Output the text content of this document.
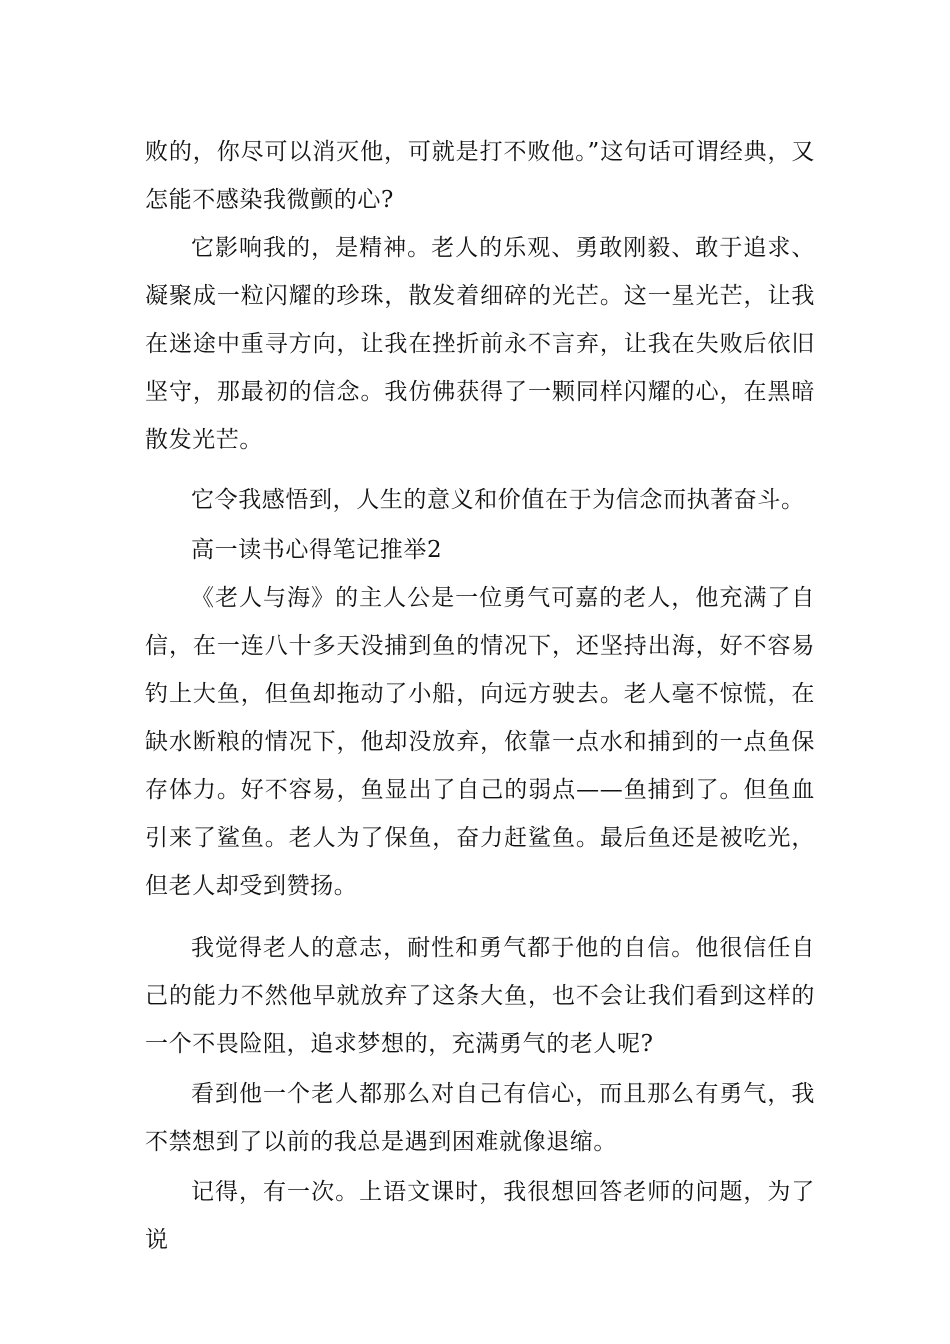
败的，你尽可以消灭他，可就是打不败他。”这句话可谓经典，又怎能不感染我微颤的心?

它影响我的，是精神。老人的乐观、勇敢刚毅、敢于追求、凝聚成一粒闪耀的珍珠，散发着细碎的光芒。这一星光芒，让我在迷途中重寻方向，让我在挫折前永不言弃，让我在失败后依旧坚守，那最初的信念。我仿佛获得了一颗同样闪耀的心，在黑暗散发光芒。

它令我感悟到，人生的意义和价值在于为信念而执著奋斗。

高一读书心得笔记推举2

《老人与海》的主人公是一位勇气可嘉的老人，他充满了自信，在一连八十多天没捕到鱼的情况下，还坚持出海，好不容易钓上大鱼，但鱼却拖动了小船，向远方驶去。老人毫不惊慌，在缺水断粮的情况下，他却没放弃，依靠一点水和捕到的一点鱼保存体力。好不容易，鱼显出了自己的弱点——鱼捕到了。但鱼血引来了鲨鱼。老人为了保鱼，奋力赶鲨鱼。最后鱼还是被吃光，但老人却受到赞扬。

我觉得老人的意志，耐性和勇气都于他的自信。他很信任自己的能力不然他早就放弃了这条大鱼，也不会让我们看到这样的一个不畏险阻，追求梦想的，充满勇气的老人呢?

看到他一个老人都那么对自己有信心，而且那么有勇气，我不禁想到了以前的我总是遇到困难就像退缩。

记得，有一次。上语文课时，我很想回答老师的问题，为了说
